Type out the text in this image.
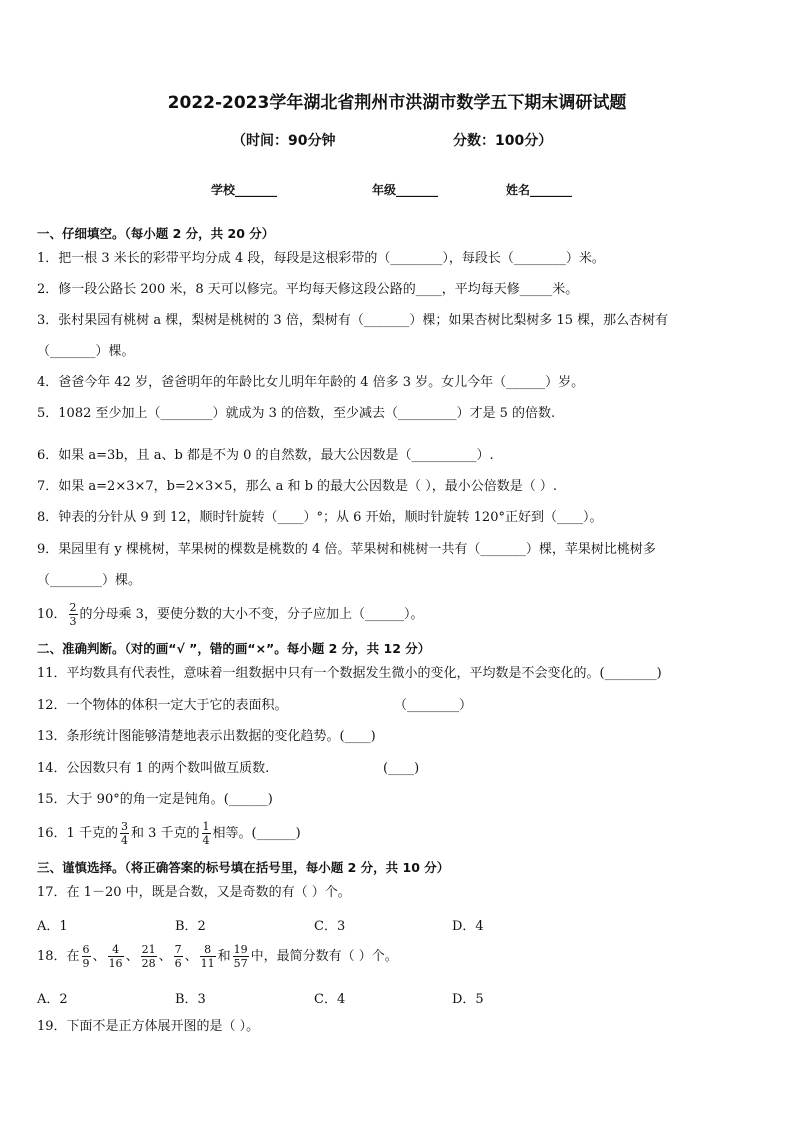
2022-2023学年湖北省荆州市洪湖市数学五下期末调研试题
（时间：90分钟	分数：100分）
学校_______	年级_______	姓名_______
一、仔细填空。（每小题 2 分，共 20 分）
1．把一根 3 米长的彩带平均分成 4 段，每段是这根彩带的（________），每段长（________）米。
2．修一段公路长 200 米，8 天可以修完。平均每天修这段公路的____，平均每天修_____米。
3．张村果园有桃树 a 棵，梨树是桃树的 3 倍，梨树有（_______）棵；如果杏树比梨树多 15 棵，那么杏树有
（_______）棵。
4．爸爸今年 42 岁，爸爸明年的年龄比女儿明年年龄的 4 倍多 3 岁。女儿今年（______）岁。
5．1082 至少加上（________）就成为 3 的倍数，至少减去（_________）才是 5 的倍数.
6．如果 a=3b，且 a、b 都是不为 0 的自然数，最大公因数是（__________）.
7．如果 a=2×3×7，b=2×3×5，那么 a 和 b 的最大公因数是（ ），最小公倍数是（ ）.
8．钟表的分针从 9 到 12，顺时针旋转（____）°；从 6 开始，顺时针旋转 120°正好到（____）。
9．果园里有 y 棵桃树，苹果树的棵数是桃数的 4 倍。苹果树和桃树一共有（_______）棵，苹果树比桃树多
（________）棵。
10． $\frac{2}{3}$ 的分母乘 3，要使分数的大小不变，分子应加上（______）。
二、准确判断。（对的画“√ ”，错的画“×”。每小题 2 分，共 12 分）
11．平均数具有代表性，意味着一组数据中只有一个数据发生微小的变化，平均数是不会变化的。(________)
12．一个物体的体积一定大于它的表面积。	（________）
13．条形统计图能够清楚地表示出数据的变化趋势。(____)
14．公因数只有 1 的两个数叫做互质数.	(____)
15．大于 90°的角一定是钝角。(______)
16．1 千克的 $\frac{3}{4}$ 和 3 千克的 $\frac{1}{4}$ 相等。(______)
三、谨慎选择。（将正确答案的标号填在括号里，每小题 2 分，共 10 分）
17．在 1－20 中，既是合数，又是奇数的有（ ）个。
A．1	B．2	C．3	D．4
18．在 $\frac{6}{9}$ 、 $\frac{4}{16}$ 、 $\frac{21}{28}$ 、 $\frac{7}{6}$ 、 $\frac{8}{11}$ 和 $\frac{19}{57}$ 中，最简分数有（ ）个。
A．2	B．3	C．4	D．5
19．下面不是正方体展开图的是（ ）。
